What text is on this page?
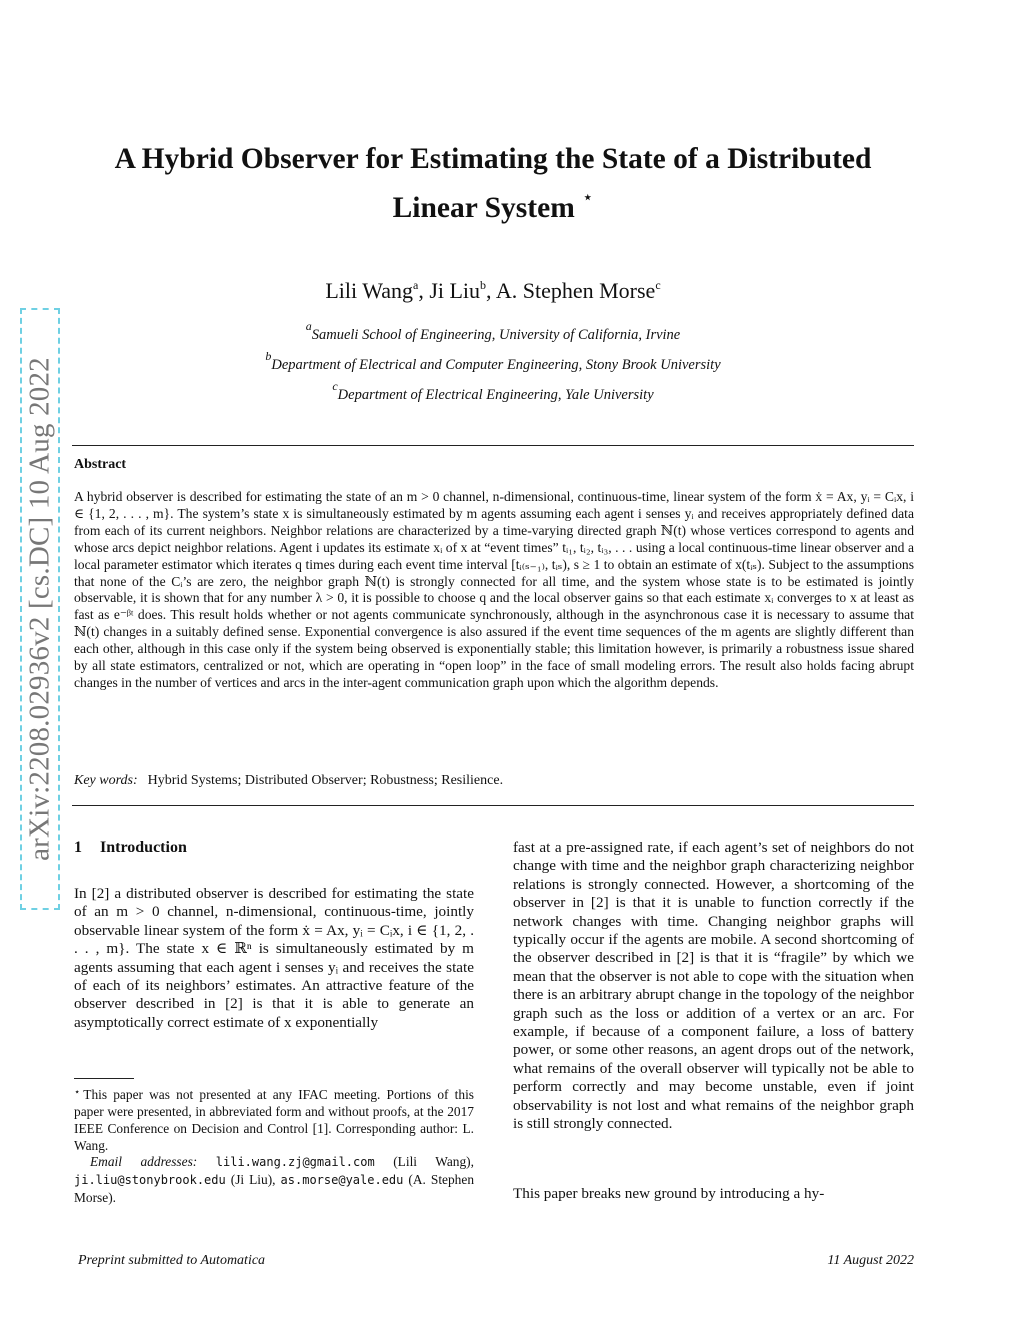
arXiv:2208.02936v2 [cs.DC] 10 Aug 2022
A Hybrid Observer for Estimating the State of a Distributed
Linear System ⋆
Lili Wang$^a$, Ji Liu$^b$, A. Stephen Morse$^c$
$^a$Samueli School of Engineering, University of California, Irvine
$^b$Department of Electrical and Computer Engineering, Stony Brook University
$^c$Department of Electrical Engineering, Yale University
Abstract

A hybrid observer is described for estimating the state of an m > 0 channel, n-dimensional, continuous-time, linear system of the form ẋ = Ax, yᵢ = Cᵢx, i ∈ {1, 2, . . . , m}. The system’s state x is simultaneously estimated by m agents assuming each agent i senses yᵢ and receives appropriately defined data from each of its current neighbors. Neighbor relations are characterized by a time-varying directed graph ℕ(t) whose vertices correspond to agents and whose arcs depict neighbor relations. Agent i updates its estimate xᵢ of x at “event times” tᵢ₁, tᵢ₂, tᵢ₃, . . . using a local continuous-time linear observer and a local parameter estimator which iterates q times during each event time interval [tᵢ₍ₛ₋₁₎, tᵢₛ), s ≥ 1 to obtain an estimate of x(tᵢₛ). Subject to the assumptions that none of the Cᵢ’s are zero, the neighbor graph ℕ(t) is strongly connected for all time, and the system whose state is to be estimated is jointly observable, it is shown that for any number λ > 0, it is possible to choose q and the local observer gains so that each estimate xᵢ converges to x at least as fast as e⁻ᵝᵗ does. This result holds whether or not agents communicate synchronously, although in the asynchronous case it is necessary to assume that ℕ(t) changes in a suitably defined sense. Exponential convergence is also assured if the event time sequences of the m agents are slightly different than each other, although in this case only if the system being observed is exponentially stable; this limitation however, is primarily a robustness issue shared by all state estimators, centralized or not, which are operating in “open loop” in the face of small modeling errors. The result also holds facing abrupt changes in the number of vertices and arcs in the inter-agent communication graph upon which the algorithm depends.

Key words: Hybrid Systems; Distributed Observer; Robustness; Resilience.
1 Introduction

In [2] a distributed observer is described for estimating the state of an m > 0 channel, n-dimensional, continuous-time, jointly observable linear system of the form ẋ = Ax, yᵢ = Cᵢx, i ∈ {1, 2, . . . , m}. The state x ∈ ℝⁿ is simultaneously estimated by m agents assuming that each agent i senses yᵢ and receives the state of each of its neighbors’ estimates. An attractive feature of the observer described in [2] is that it is able to generate an asymptotically correct estimate of x exponentially

fast at a pre-assigned rate, if each agent’s set of neighbors do not change with time and the neighbor graph characterizing neighbor relations is strongly connected. However, a shortcoming of the observer in [2] is that it is unable to function correctly if the network changes with time. Changing neighbor graphs will typically occur if the agents are mobile. A second shortcoming of the observer described in [2] is that it is “fragile” by which we mean that the observer is not able to cope with the situation when there is an arbitrary abrupt change in the topology of the neighbor graph such as the loss or addition of a vertex or an arc. For example, if because of a component failure, a loss of battery power, or some other reasons, an agent drops out of the network, what remains of the overall observer will typically not be able to perform correctly and may become unstable, even if joint observability is not lost and what remains of the neighbor graph is still strongly connected.

This paper breaks new ground by introducing a hy-

⋆ This paper was not presented at any IFAC meeting. Portions of this paper were presented, in abbreviated form and without proofs, at the 2017 IEEE Conference on Decision and Control [1]. Corresponding author: L. Wang.

Email addresses: lili.wang.zj@gmail.com (Lili Wang), ji.liu@stonybrook.edu (Ji Liu), as.morse@yale.edu (A. Stephen Morse).

Preprint submitted to Automatica	11 August 2022
